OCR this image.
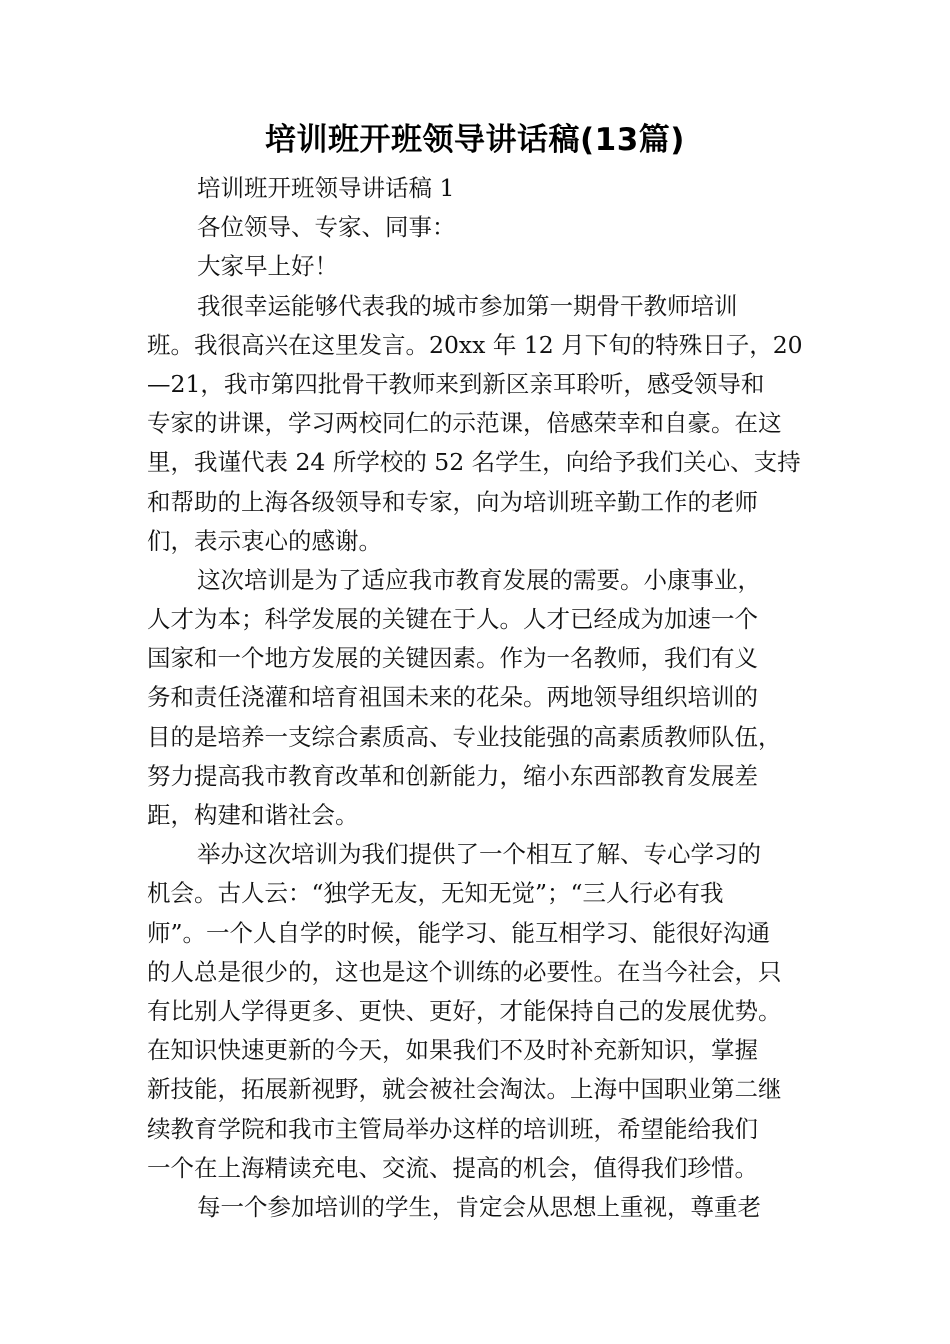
培训班开班领导讲话稿(13篇)
培训班开班领导讲话稿 1
各位领导、专家、同事：
大家早上好！
我很幸运能够代表我的城市参加第一期骨干教师培训
班。我很高兴在这里发言。20xx 年 12 月下旬的特殊日子，20
—21，我市第四批骨干教师来到新区亲耳聆听，感受领导和
专家的讲课，学习两校同仁的示范课，倍感荣幸和自豪。在这
里，我谨代表 24 所学校的 52 名学生，向给予我们关心、支持
和帮助的上海各级领导和专家，向为培训班辛勤工作的老师
们，表示衷心的感谢。
这次培训是为了适应我市教育发展的需要。小康事业，
人才为本；科学发展的关键在于人。人才已经成为加速一个
国家和一个地方发展的关键因素。作为一名教师，我们有义
务和责任浇灌和培育祖国未来的花朵。两地领导组织培训的
目的是培养一支综合素质高、专业技能强的高素质教师队伍，
努力提高我市教育改革和创新能力，缩小东西部教育发展差
距，构建和谐社会。
举办这次培训为我们提供了一个相互了解、专心学习的
机会。古人云：“独学无友，无知无觉”；“三人行必有我
师”。一个人自学的时候，能学习、能互相学习、能很好沟通
的人总是很少的，这也是这个训练的必要性。在当今社会，只
有比别人学得更多、更快、更好，才能保持自己的发展优势。
在知识快速更新的今天，如果我们不及时补充新知识，掌握
新技能，拓展新视野，就会被社会淘汰。上海中国职业第二继
续教育学院和我市主管局举办这样的培训班，希望能给我们
一个在上海精读充电、交流、提高的机会，值得我们珍惜。
每一个参加培训的学生，肯定会从思想上重视，尊重老
